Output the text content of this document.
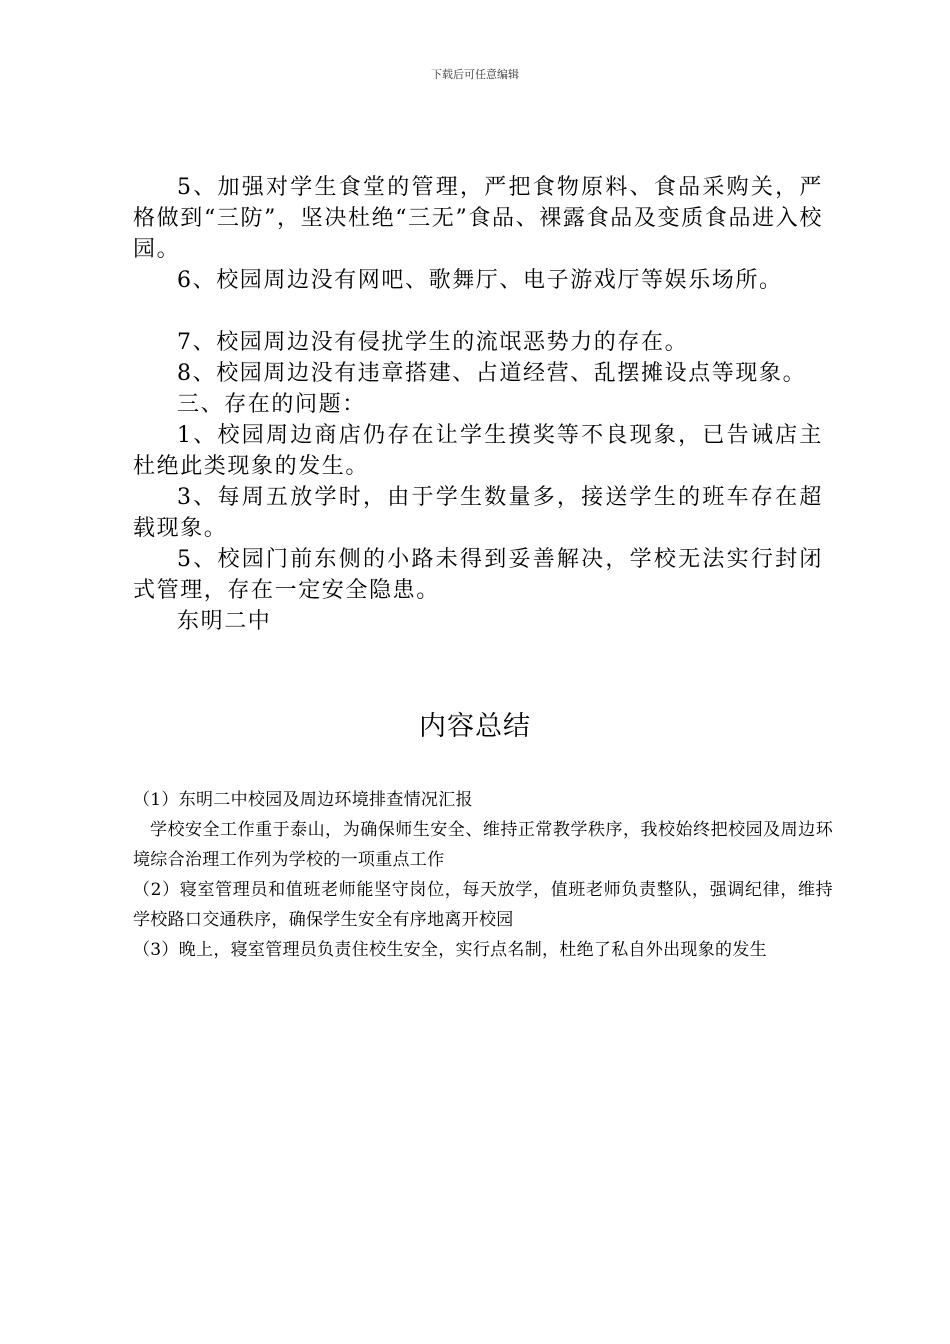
下载后可任意编辑

5、加强对学生食堂的管理，严把食物原料、食品采购关，严格做到“三防”，坚决杜绝“三无”食品、裸露食品及变质食品进入校园。

6、校园周边没有网吧、歌舞厅、电子游戏厅等娱乐场所。

7、校园周边没有侵扰学生的流氓恶势力的存在。

8、校园周边没有违章搭建、占道经营、乱摆摊设点等现象。

三、存在的问题：

1、校园周边商店仍存在让学生摸奖等不良现象，已告诫店主杜绝此类现象的发生。

3、每周五放学时，由于学生数量多，接送学生的班车存在超载现象。

5、校园门前东侧的小路未得到妥善解决，学校无法实行封闭式管理，存在一定安全隐患。

东明二中

内容总结

（1）东明二中校园及周边环境排查情况汇报

学校安全工作重于泰山，为确保师生安全、维持正常教学秩序，我校始终把校园及周边环境综合治理工作列为学校的一项重点工作

（2）寝室管理员和值班老师能坚守岗位，每天放学，值班老师负责整队，强调纪律，维持学校路口交通秩序，确保学生安全有序地离开校园

（3）晚上，寝室管理员负责住校生安全，实行点名制，杜绝了私自外出现象的发生
